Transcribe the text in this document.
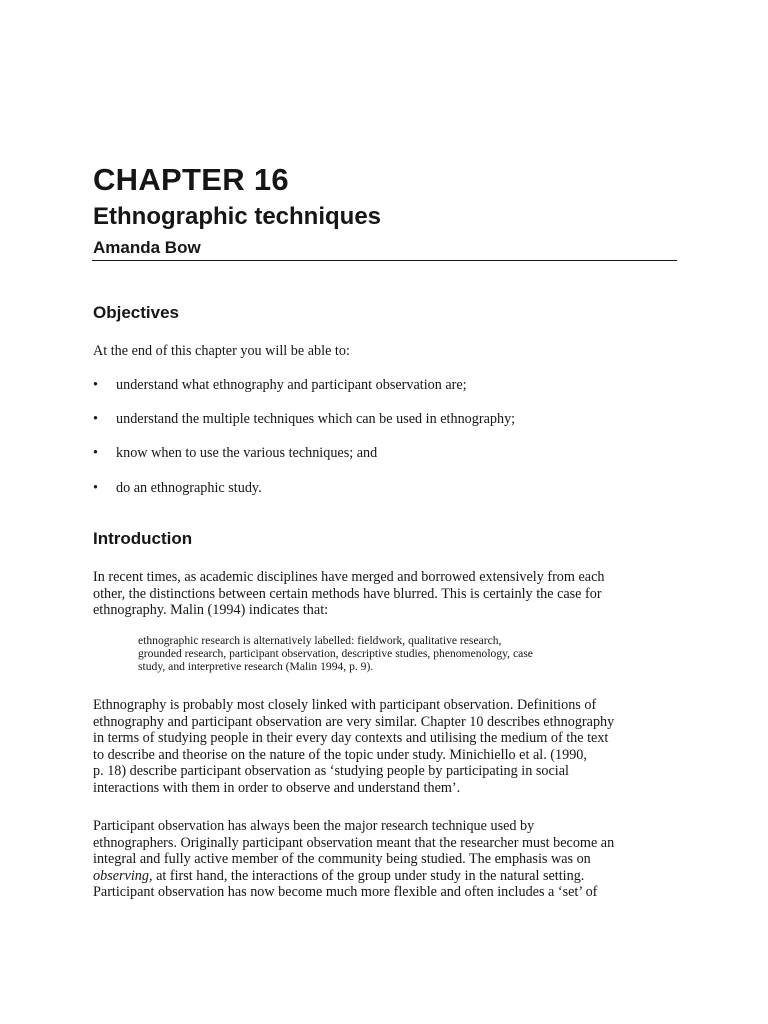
CHAPTER 16
Ethnographic techniques
Amanda Bow
Objectives

At the end of this chapter you will be able to:

• understand what ethnography and participant observation are;
• understand the multiple techniques which can be used in ethnography;
• know when to use the various techniques; and
• do an ethnographic study.
Introduction

In recent times, as academic disciplines have merged and borrowed extensively from each
other, the distinctions between certain methods have blurred. This is certainly the case for
ethnography. Malin (1994) indicates that:

ethnographic research is alternatively labelled: fieldwork, qualitative research,
grounded research, participant observation, descriptive studies, phenomenology, case
study, and interpretive research (Malin 1994, p. 9).

Ethnography is probably most closely linked with participant observation. Definitions of
ethnography and participant observation are very similar. Chapter 10 describes ethnography
in terms of studying people in their every day contexts and utilising the medium of the text
to describe and theorise on the nature of the topic under study. Minichiello et al. (1990,
p. 18) describe participant observation as ‘studying people by participating in social
interactions with them in order to observe and understand them’.

Participant observation has always been the major research technique used by
ethnographers. Originally participant observation meant that the researcher must become an
integral and fully active member of the community being studied. The emphasis was on
observing, at first hand, the interactions of the group under study in the natural setting.
Participant observation has now become much more flexible and often includes a ‘set’ of
